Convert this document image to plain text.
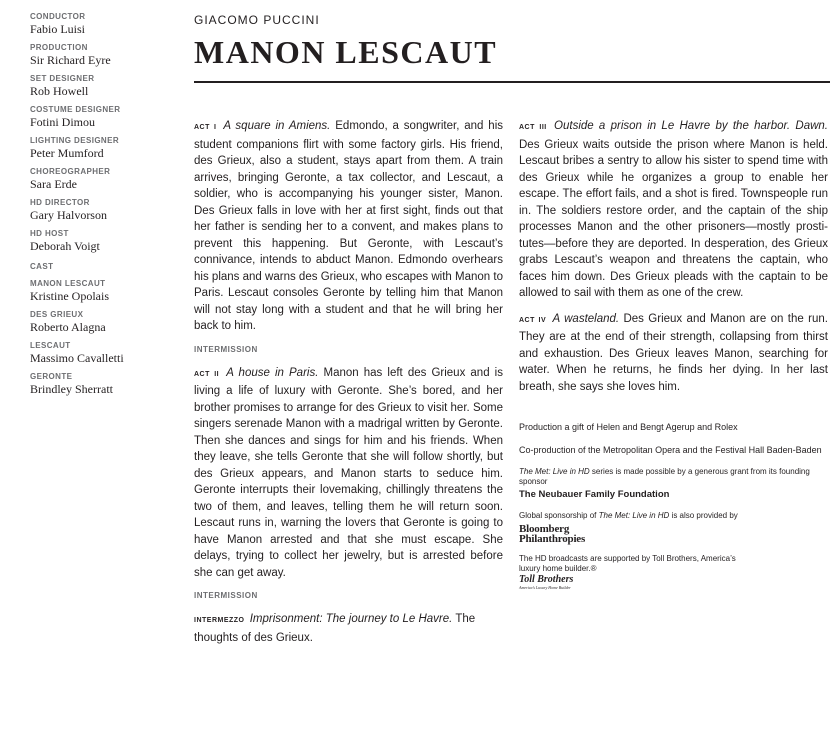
CONDUCTOR
Fabio Luisi
PRODUCTION
Sir Richard Eyre
SET DESIGNER
Rob Howell
COSTUME DESIGNER
Fotini Dimou
LIGHTING DESIGNER
Peter Mumford
CHOREOGRAPHER
Sara Erde
HD DIRECTOR
Gary Halvorson
HD HOST
Deborah Voigt
CAST
MANON LESCAUT
Kristine Opolais
DES GRIEUX
Roberto Alagna
LESCAUT
Massimo Cavalletti
GERONTE
Brindley Sherratt
GIACOMO PUCCINI
MANON LESCAUT

ACT I A square in Amiens. Edmondo, a songwriter, and his student companions flirt with some factory girls. His friend, des Grieux, also a student, stays apart from them. A train arrives, bringing Geronte, a tax collector, and Lescaut, a soldier, who is accompanying his younger sister, Manon. Des Grieux falls in love with her at first sight, finds out that her father is sending her to a convent, and makes plans to prevent this happening. But Geronte, with Lescaut’s connivance, intends to abduct Manon. Edmondo overhears his plans and warns des Grieux, who escapes with Manon to Paris. Lescaut consoles Geronte by telling him that Manon will not stay long with a student and that he will bring her back to him.

INTERMISSION

ACT II A house in Paris. Manon has left des Grieux and is living a life of luxury with Geronte. She’s bored, and her brother promises to arrange for des Grieux to visit her. Some singers serenade Manon with a madrigal written by Geronte. Then she dances and sings for him and his friends. When they leave, she tells Geronte that she will follow shortly, but des Grieux appears, and Manon starts to seduce him. Geronte interrupts their lovemaking, chillingly threatens the two of them, and leaves, telling them he will return soon. Lescaut runs in, warning the lovers that Geronte is going to have Manon arrested and that she must escape. She delays, trying to collect her jewelry, but is arrested before she can get away.

INTERMISSION

INTERMEZZO Imprisonment: The journey to Le Havre. The thoughts of des Grieux.

ACT III Outside a prison in Le Havre by the harbor. Dawn. Des Grieux waits outside the prison where Manon is held. Lescaut bribes a sentry to allow his sister to spend time with des Grieux while he organizes a group to enable her escape. The effort fails, and a shot is fired. Townspeople run in. The soldiers restore order, and the captain of the ship processes Manon and the other prisoners—mostly prostitutes—before they are deported. In desperation, des Grieux grabs Lescaut’s weapon and threatens the captain, who faces him down. Des Grieux pleads with the captain to be allowed to sail with them as one of the crew.

ACT IV A wasteland. Des Grieux and Manon are on the run. They are at the end of their strength, collapsing from thirst and exhaustion. Des Grieux leaves Manon, searching for water. When he returns, he finds her dying. In her last breath, she says she loves him.

Production a gift of Helen and Bengt Agerup and Rolex
Co-production of the Metropolitan Opera and the Festival Hall Baden-Baden
The Met: Live in HD series is made possible by a generous grant from its founding sponsor
The Neubauer Family Foundation
Global sponsorship of The Met: Live in HD is also provided by
Bloomberg
Philanthropies
The HD broadcasts are supported by Toll Brothers, America’s luxury home builder.®
Toll Brothers
America’s Luxury Home Builder
